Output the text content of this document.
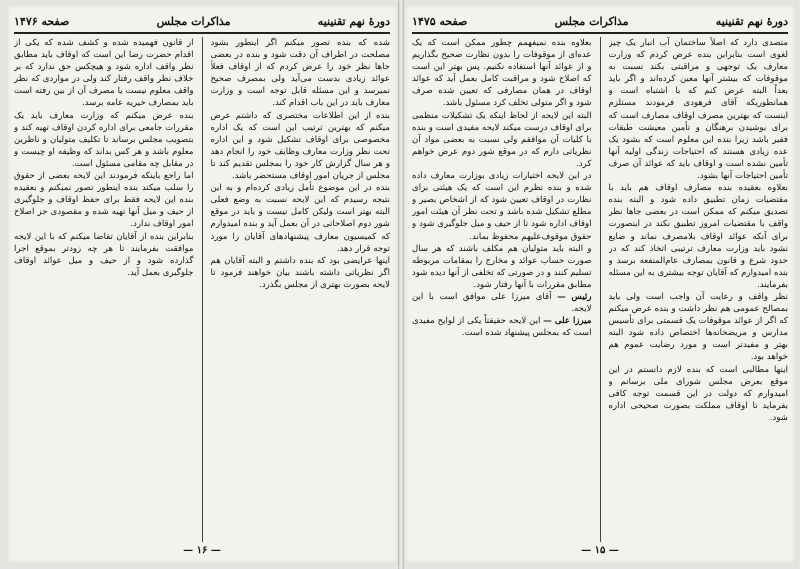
دورهٔ نهم تقنینیه
مذاکرات مجلس
صفحه ۱۴۷۵

متصدی دارد که اصلاً ساختمان آب انبار یک چیز لغوی است بنابراین بنده عرض کردم که وزارت معارف یک توجهی و مراقبتی بکند نسبت به موقوفات که بیشتر آنها معین کرده‌اند و اگر باید بعداً البته عرض کنم که با اشتباه است و همانطوریکه آقای فرهودی فرمودند مستلزم اینست که بهترین مصرف اوقاف مصارف است که برای بوشیدن برهنگان و تأمین معیشت طبقات فقیر باشد زیرا بنده این معلوم است که بشود یک عده زیادی هستند که احتیاجات زندگی اولیه آنها تأمین نشده است و اوقاف باید که عوائد آن صرف تأمین احتیاجات آنها بشود.

بعلاوه بعقیده بنده مصارف اوقاف هم باید با مقتضیات زمان تطبیق داده شود و البته بنده تصدیق میکنم که ممکن است در بعضی جاها نظر واقف با مقتضیات امروز تطبیق نکند در اینصورت برای آنکه عوائد اوقاف بلامصرف نماند و ضایع نشود باید وزارت معارف ترتیبی اتخاذ کند که در حدود شرع و قانون بمصارف عام‌المنفعه برسد و بنده امیدوارم که آقایان توجه بیشتری به این مسئله بفرمایند.

نظر واقف و رعایت آن واجب است ولی باید بمصالح عمومی هم نظر داشت و بنده عرض میکنم که اگر از عوائد موقوفات یک قسمتی برای تأسیس مدارس و مریضخانه‌ها اختصاص داده شود البته بهتر و مفیدتر است و مورد رضایت عموم هم خواهد بود.

اینها مطالبی است که بنده لازم دانستم در این موقع بعرض مجلس شورای ملی برسانم و امیدوارم که دولت در این قسمت توجه کافی بفرماید تا اوقاف مملکت بصورت صحیحی اداره شود.

بعلاوه بنده نمیفهمم چطور ممکن است که یک عده‌ای از موقوفات را بدون نظارت صحیح بگذاریم و از عوائد آنها استفاده نکنیم. پس بهتر این است که اصلاح شود و مراقبت کامل بعمل آید که عوائد اوقاف در همان مصارفی که تعیین شده صرف شود و اگر متولی تخلف کرد مسئول باشد.

البته این لایحه از لحاظ اینکه یک تشکیلات منظمی برای اوقاف درست میکند لایحه مفیدی است و بنده با کلیات آن موافقم ولی نسبت به بعضی مواد آن نظریاتی دارم که در موقع شور دوم عرض خواهم کرد.

در این لایحه اختیارات زیادی بوزارت معارف داده شده و بنده نظرم این است که یک هیئتی برای نظارت در اوقاف تعیین شود که از اشخاص بصیر و مطلع تشکیل شده باشد و تحت نظر آن هیئت امور اوقاف اداره شود تا از حیف و میل جلوگیری شود و حقوق موقوف‌علیهم محفوظ بماند.

و البته باید متولیان هم مکلف باشند که هر سال صورت حساب عوائد و مخارج را بمقامات مربوطه تسلیم کنند و در صورتی که تخلفی از آنها دیده شود مطابق مقررات با آنها رفتار شود.

رئیس — آقای میرزا علی موافق است با این لایحه.

میرزا علی — این لایحه حقیقتاً یکی از لوایح مفیدی است که بمجلس پیشنهاد شده است.

— ۱۵ —
دورهٔ نهم تقنینیه
مذاکرات مجلس
صفحه ۱۴۷۶

شده که بنده تصور میکنم اگر اینطور بشود مصلحت در اطراف آن دقت شود و بنده در بعضی جاها نظر خود را عرض کردم که از اوقاف فعلاً عوائد زیادی بدست می‌آید ولی بمصرف صحیح نمیرسد و این مسئله قابل توجه است و وزارت معارف باید در این باب اقدام کند.

بنده از این اطلاعات مختصری که داشتم عرض میکنم که بهترین ترتیب این است که یک اداره مخصوصی برای اوقاف تشکیل شود و این اداره تحت نظر وزارت معارف وظایف خود را انجام دهد و هر سال گزارش کار خود را بمجلس تقدیم کند تا مجلس از جریان امور اوقاف مستحضر باشد.

بنده در این موضوع تأمل زیادی کرده‌ام و به این نتیجه رسیدم که این لایحه نسبت به وضع فعلی البته بهتر است ولیکن کامل نیست و باید در موقع شور دوم اصلاحاتی در آن بعمل آید و بنده امیدوارم که کمیسیون معارف پیشنهادهای آقایان را مورد توجه قرار دهد.

اینها عرایضی بود که بنده داشتم و البته آقایان هم اگر نظریاتی داشته باشند بیان خواهند فرمود تا لایحه بصورت بهتری از مجلس بگذرد.

از قانون فهمیده شده و کشف شده که یکی از اقدام حضرت رضا این است که اوقاف باید مطابق نظر واقف اداره شود و هیچکس حق ندارد که بر خلاف نظر واقف رفتار کند ولی در مواردی که نظر واقف معلوم نیست یا مصرف آن از بین رفته است باید بمصارف خیریه عامه برسد.

بنده عرض میکنم که وزارت معارف باید یک مقررات جامعی برای اداره کردن اوقاف تهیه کند و بتصویب مجلس برساند تا تکلیف متولیان و ناظرین معلوم باشد و هر کس بداند که وظیفه او چیست و در مقابل چه مقامی مسئول است.

اما راجع باینکه فرمودند این لایحه بعضی از حقوق را سلب میکند بنده اینطور تصور نمیکنم و بعقیده بنده این لایحه فقط برای حفظ اوقاف و جلوگیری از حیف و میل آنها تهیه شده و مقصودی جز اصلاح امور اوقاف ندارد.

بنابراین بنده از آقایان تقاضا میکنم که با این لایحه موافقت بفرمایند تا هر چه زودتر بموقع اجرا گذارده شود و از حیف و میل عوائد اوقاف جلوگیری بعمل آید.

— ۱۶ —
